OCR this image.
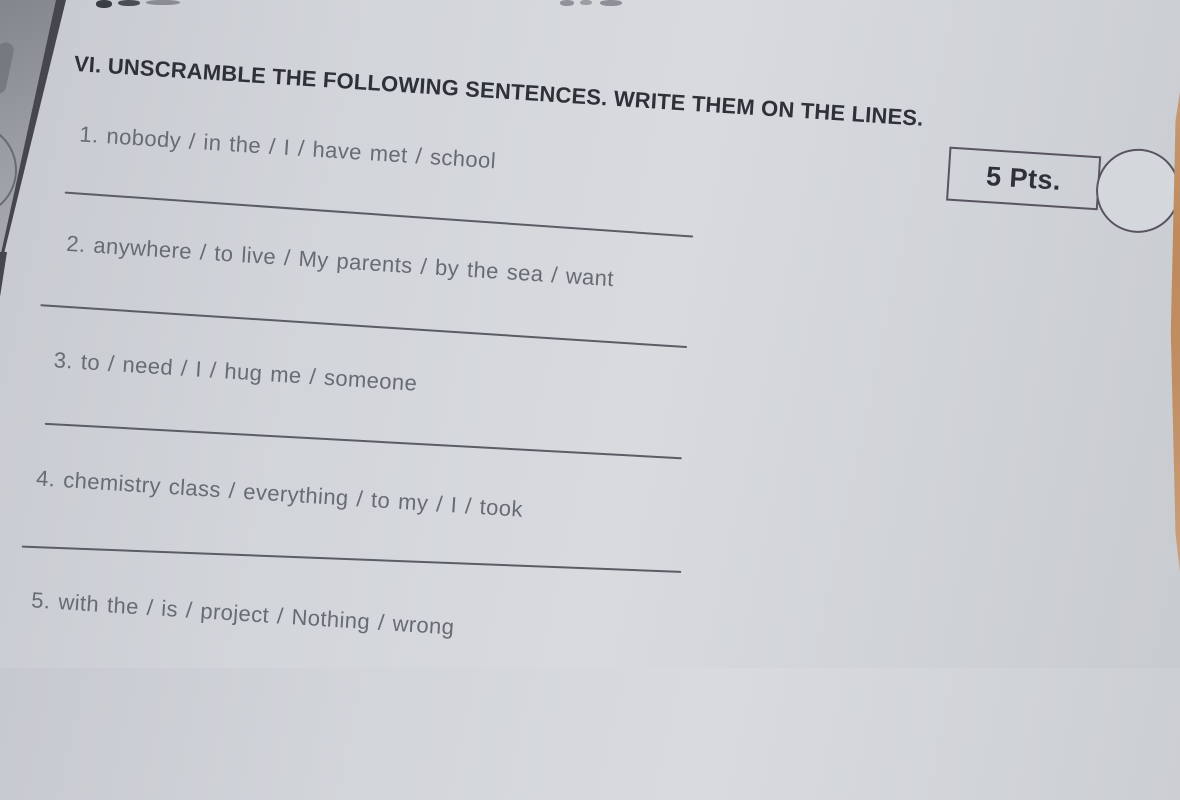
VI. UNSCRAMBLE THE FOLLOWING SENTENCES. WRITE THEM ON THE LINES.
5 Pts.
1. nobody / in the / I / have met / school
2. anywhere / to live / My parents / by the sea / want
3. to / need / I / hug me / someone
4. chemistry class / everything / to my / I / took
5. with the / is / project / Nothing / wrong
